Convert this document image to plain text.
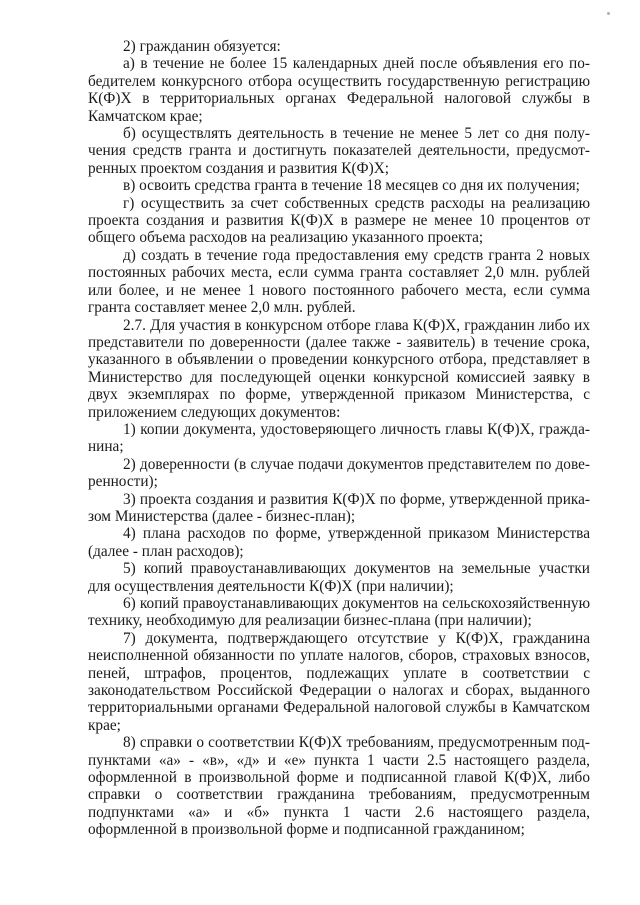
2) гражданин обязуется:

а) в течение не более 15 календарных дней после объявления его победителем конкурсного отбора осуществить государственную регистрацию К(Ф)Х в территориальных органах Федеральной налоговой службы в Камчатском крае;

б) осуществлять деятельность в течение не менее 5 лет со дня получения средств гранта и достигнуть показателей деятельности, предусмотренных проектом создания и развития К(Ф)Х;

в) освоить средства гранта в течение 18 месяцев со дня их получения;

г) осуществить за счет собственных средств расходы на реализацию проекта создания и развития К(Ф)Х в размере не менее 10 процентов от общего объема расходов на реализацию указанного проекта;

д) создать в течение года предоставления ему средств гранта 2 новых постоянных рабочих места, если сумма гранта составляет 2,0 млн. рублей или более, и не менее 1 нового постоянного рабочего места, если сумма гранта составляет менее 2,0 млн. рублей.

2.7. Для участия в конкурсном отборе глава К(Ф)Х, гражданин либо их представители по доверенности (далее также - заявитель) в течение срока, указанного в объявлении о проведении конкурсного отбора, представляет в Министерство для последующей оценки конкурсной комиссией заявку в двух экземплярах по форме, утвержденной приказом Министерства, с приложением следующих документов:

1) копии документа, удостоверяющего личность главы К(Ф)Х, гражданина;

2) доверенности (в случае подачи документов представителем по доверенности);

3) проекта создания и развития К(Ф)Х по форме, утвержденной приказом Министерства (далее - бизнес-план);

4) плана расходов по форме, утвержденной приказом Министерства (далее - план расходов);

5) копий правоустанавливающих документов на земельные участки для осуществления деятельности К(Ф)Х (при наличии);

6) копий правоустанавливающих документов на сельскохозяйственную технику, необходимую для реализации бизнес-плана (при наличии);

7) документа, подтверждающего отсутствие у К(Ф)Х, гражданина неисполненной обязанности по уплате налогов, сборов, страховых взносов, пеней, штрафов, процентов, подлежащих уплате в соответствии с законодательством Российской Федерации о налогах и сборах, выданного территориальными органами Федеральной налоговой службы в Камчатском крае;

8) справки о соответствии К(Ф)Х требованиям, предусмотренным подпунктами «а» - «в», «д» и «е» пункта 1 части 2.5 настоящего раздела, оформленной в произвольной форме и подписанной главой К(Ф)Х, либо справки о соответствии гражданина требованиям, предусмотренным подпунктами «а» и «б» пункта 1 части 2.6 настоящего раздела, оформленной в произвольной форме и подписанной гражданином;
